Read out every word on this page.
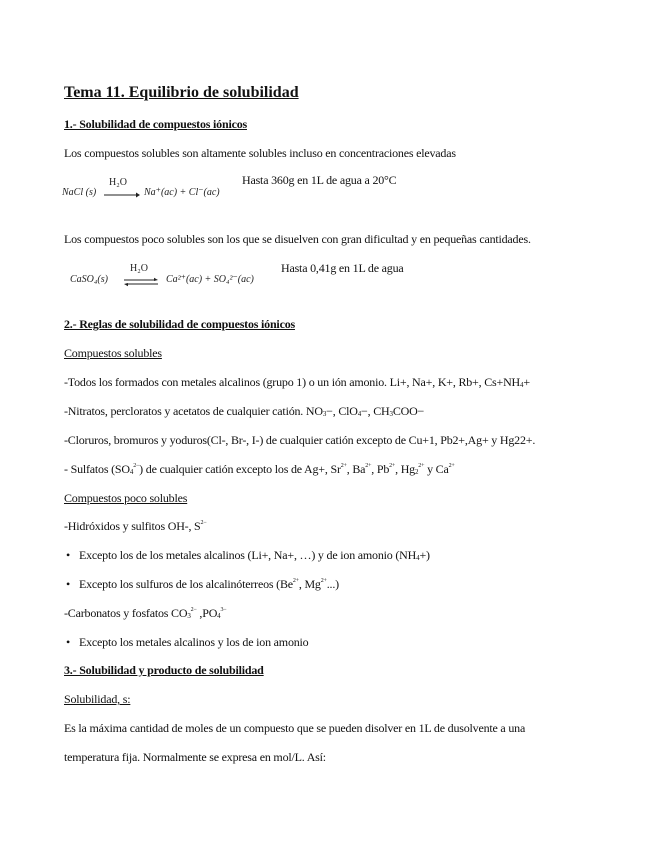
Tema 11. Equilibrio de solubilidad
1.- Solubilidad de compuestos iónicos
Los compuestos solubles son altamente solubles incluso en concentraciones elevadas
NaCl (s)
H₂O
→ Na⁺(ac) + Cl⁻(ac)
Hasta 360g en 1L de agua a 20°C
Los compuestos poco solubles son los que se disuelven con gran dificultad y en pequeñas cantidades.
CaSO₄(s)
H₂O
⇌ Ca²⁺(ac) + SO₄²⁻(ac)
Hasta 0,41g en 1L de agua
2.- Reglas de solubilidad de compuestos iónicos
Compuestos solubles
-Todos los formados con metales alcalinos (grupo 1) o un ión amonio. Li+, Na+, K+, Rb+, $Cs+NH_4+$
-Nitratos, percloratos y acetatos de cualquier catión. $NO_3-$, ClO$_4$−, $CH_3COO-$
-Cloruros, bromuros y yoduros(Cl-, Br-, I-) de cualquier catión excepto de Cu+1, Pb2+,Ag+ y Hg22+.
- Sulfatos $(SO_4^{2-})$ de cualquier catión excepto los de Ag+, $Sr^{2+}$, $Ba^{2+}$, $Pb^{2+}$, $Hg_2^{2+}$ y $Ca^{2+}$
Compuestos poco solubles
-Hidróxidos y sulfitos OH-, $S^{2-}$
• Excepto los de los metales alcalinos (Li+, Na+, …) y de ion amonio $(NH_4+)$
• Excepto los sulfuros de los alcalinóterreos ($Be^{2+}$, $Mg^{2+}$...)
-Carbonatos y fosfatos $CO_3^{2-}$ $,PO_4^{3-}$
• Excepto los metales alcalinos y los de ion amonio
3.- Solubilidad y producto de solubilidad
Solubilidad, s:
Es la máxima cantidad de moles de un compuesto que se pueden disolver en 1L de dusolvente a una
temperatura fija. Normalmente se expresa en mol/L. Así:
